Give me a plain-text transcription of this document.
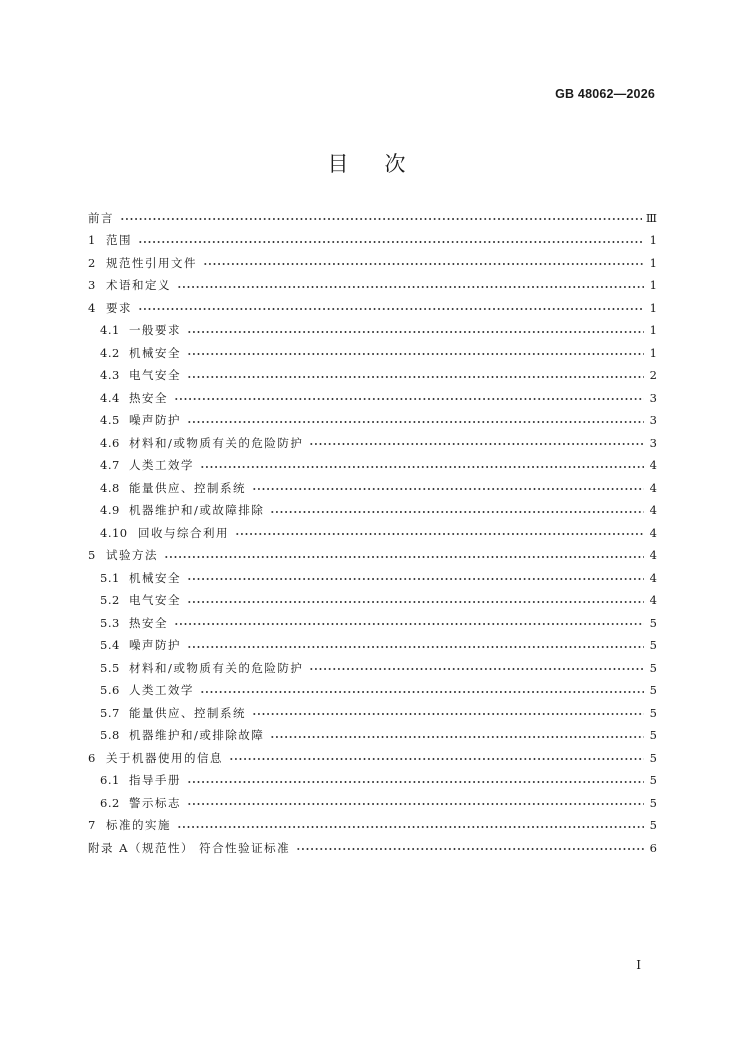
GB 48062—2026
目次
前言	Ⅲ
1 范围	1
2 规范性引用文件	1
3 术语和定义	1
4 要求	1
4.1 一般要求	1
4.2 机械安全	1
4.3 电气安全	2
4.4 热安全	3
4.5 噪声防护	3
4.6 材料和/或物质有关的危险防护	3
4.7 人类工效学	4
4.8 能量供应、控制系统	4
4.9 机器维护和/或故障排除	4
4.10 回收与综合利用	4
5 试验方法	4
5.1 机械安全	4
5.2 电气安全	4
5.3 热安全	5
5.4 噪声防护	5
5.5 材料和/或物质有关的危险防护	5
5.6 人类工效学	5
5.7 能量供应、控制系统	5
5.8 机器维护和/或排除故障	5
6 关于机器使用的信息	5
6.1 指导手册	5
6.2 警示标志	5
7 标准的实施	5
附录 A（规范性） 符合性验证标准	6
I
